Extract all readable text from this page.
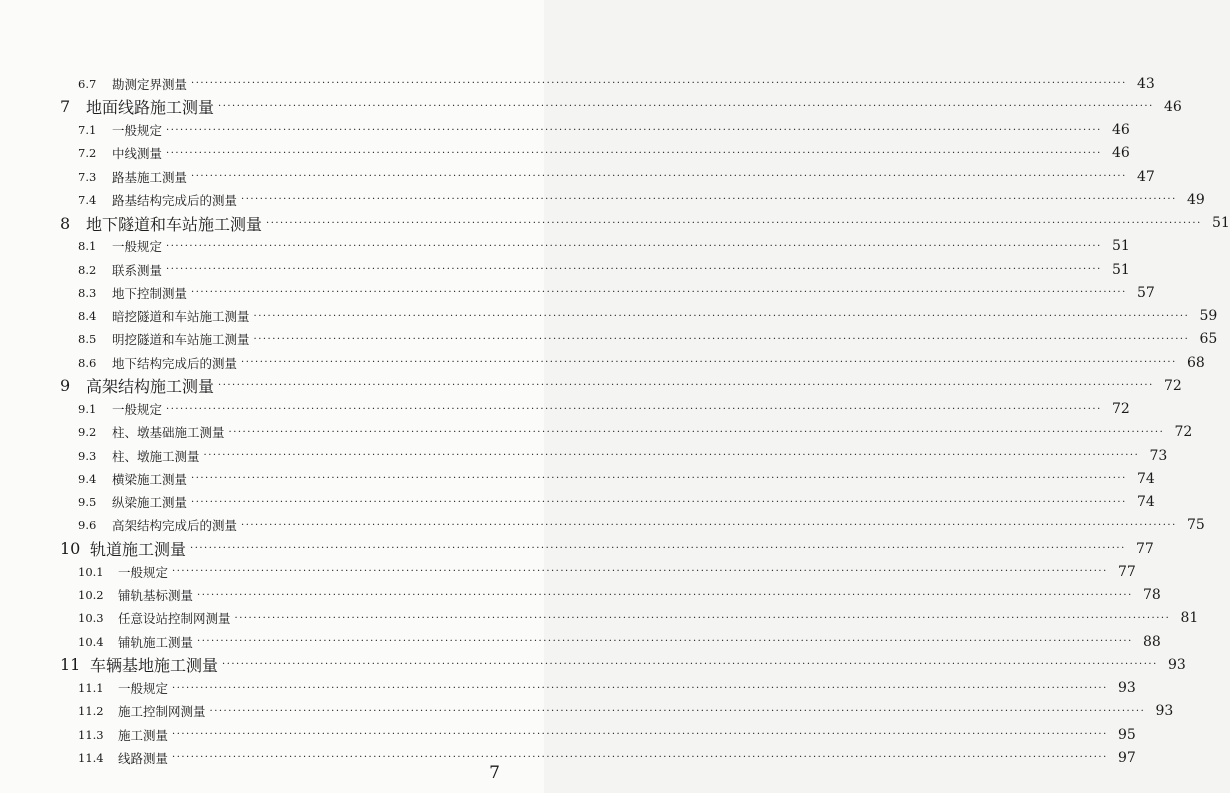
6.7	勘测定界测量 ········································································································································································································ 43
7 地面线路施工测量 ········································································································································································································ 46
7.1	一般规定 ········································································································································································································ 46
7.2	中线测量 ········································································································································································································ 46
7.3	路基施工测量 ········································································································································································································ 47
7.4	路基结构完成后的测量 ········································································································································································································ 49
8 地下隧道和车站施工测量 ········································································································································································································ 51
8.1	一般规定 ········································································································································································································ 51
8.2	联系测量 ········································································································································································································ 51
8.3	地下控制测量 ········································································································································································································ 57
8.4	暗挖隧道和车站施工测量 ········································································································································································································ 59
8.5	明挖隧道和车站施工测量 ········································································································································································································ 65
8.6	地下结构完成后的测量 ········································································································································································································ 68
9 高架结构施工测量 ········································································································································································································ 72
9.1	一般规定 ········································································································································································································ 72
9.2	柱、墩基础施工测量 ········································································································································································································ 72
9.3	柱、墩施工测量 ········································································································································································································ 73
9.4	横梁施工测量 ········································································································································································································ 74
9.5	纵梁施工测量 ········································································································································································································ 74
9.6	高架结构完成后的测量 ········································································································································································································ 75
10 轨道施工测量 ········································································································································································································ 77
10.1	一般规定 ········································································································································································································ 77
10.2	铺轨基标测量 ········································································································································································································ 78
10.3	任意设站控制网测量 ········································································································································································································ 81
10.4	铺轨施工测量 ········································································································································································································ 88
11 车辆基地施工测量 ········································································································································································································ 93
11.1	一般规定 ········································································································································································································ 93
11.2	施工控制网测量 ········································································································································································································ 93
11.3	施工测量 ········································································································································································································ 95
11.4	线路测量 ········································································································································································································ 97
7
